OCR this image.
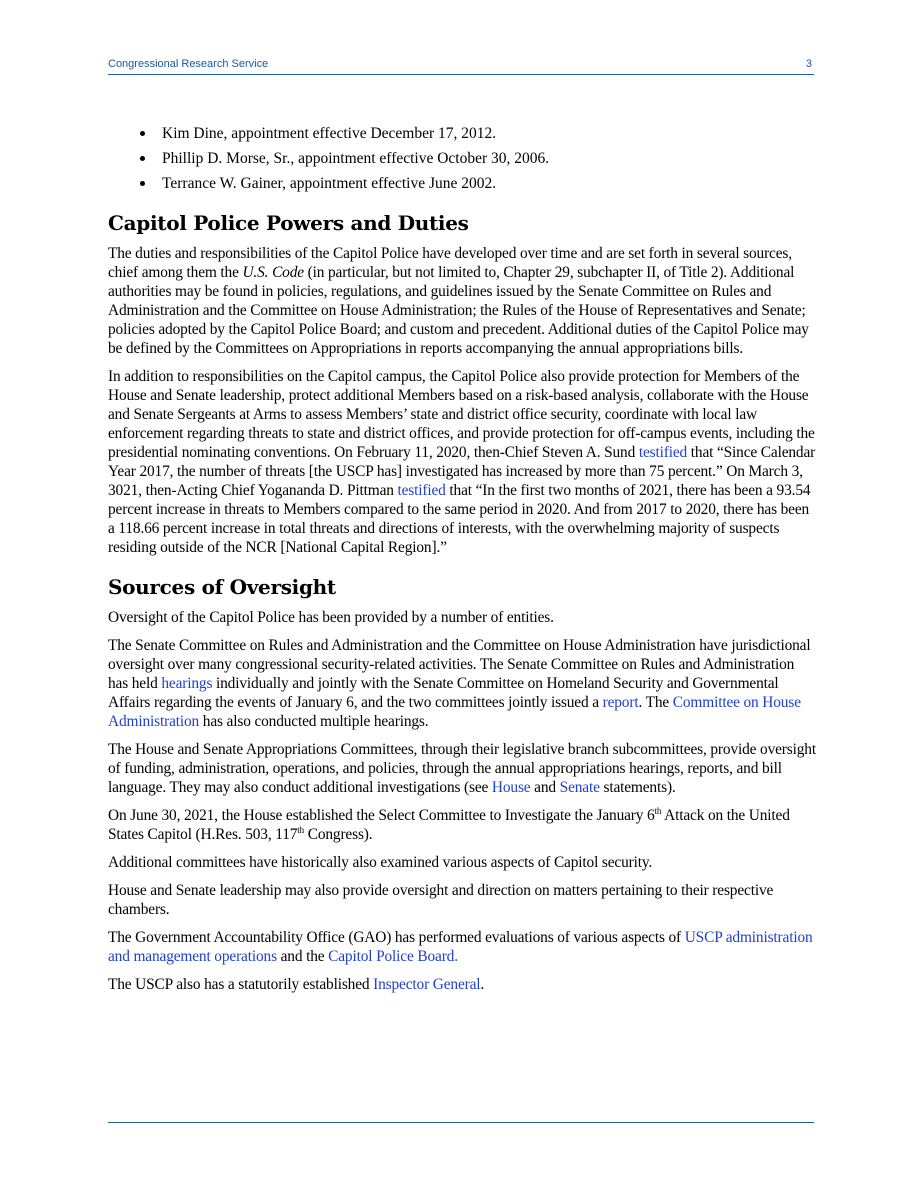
Congressional Research Service	3
Kim Dine, appointment effective December 17, 2012.
Phillip D. Morse, Sr., appointment effective October 30, 2006.
Terrance W. Gainer, appointment effective June 2002.
Capitol Police Powers and Duties

The duties and responsibilities of the Capitol Police have developed over time and are set forth in several sources, chief among them the U.S. Code (in particular, but not limited to, Chapter 29, subchapter II, of Title 2). Additional authorities may be found in policies, regulations, and guidelines issued by the Senate Committee on Rules and Administration and the Committee on House Administration; the Rules of the House of Representatives and Senate; policies adopted by the Capitol Police Board; and custom and precedent. Additional duties of the Capitol Police may be defined by the Committees on Appropriations in reports accompanying the annual appropriations bills.

In addition to responsibilities on the Capitol campus, the Capitol Police also provide protection for Members of the House and Senate leadership, protect additional Members based on a risk-based analysis, collaborate with the House and Senate Sergeants at Arms to assess Members’ state and district office security, coordinate with local law enforcement regarding threats to state and district offices, and provide protection for off-campus events, including the presidential nominating conventions. On February 11, 2020, then-Chief Steven A. Sund testified that “Since Calendar Year 2017, the number of threats [the USCP has] investigated has increased by more than 75 percent.” On March 3, 3021, then-Acting Chief Yogananda D. Pittman testified that “In the first two months of 2021, there has been a 93.54 percent increase in threats to Members compared to the same period in 2020. And from 2017 to 2020, there has been a 118.66 percent increase in total threats and directions of interests, with the overwhelming majority of suspects residing outside of the NCR [National Capital Region].”

Sources of Oversight

Oversight of the Capitol Police has been provided by a number of entities.

The Senate Committee on Rules and Administration and the Committee on House Administration have jurisdictional oversight over many congressional security-related activities. The Senate Committee on Rules and Administration has held hearings individually and jointly with the Senate Committee on Homeland Security and Governmental Affairs regarding the events of January 6, and the two committees jointly issued a report. The Committee on House Administration has also conducted multiple hearings.

The House and Senate Appropriations Committees, through their legislative branch subcommittees, provide oversight of funding, administration, operations, and policies, through the annual appropriations hearings, reports, and bill language. They may also conduct additional investigations (see House and Senate statements).

On June 30, 2021, the House established the Select Committee to Investigate the January 6th Attack on the United States Capitol (H.Res. 503, 117th Congress).

Additional committees have historically also examined various aspects of Capitol security.

House and Senate leadership may also provide oversight and direction on matters pertaining to their respective chambers.

The Government Accountability Office (GAO) has performed evaluations of various aspects of USCP administration and management operations and the Capitol Police Board.

The USCP also has a statutorily established Inspector General.
